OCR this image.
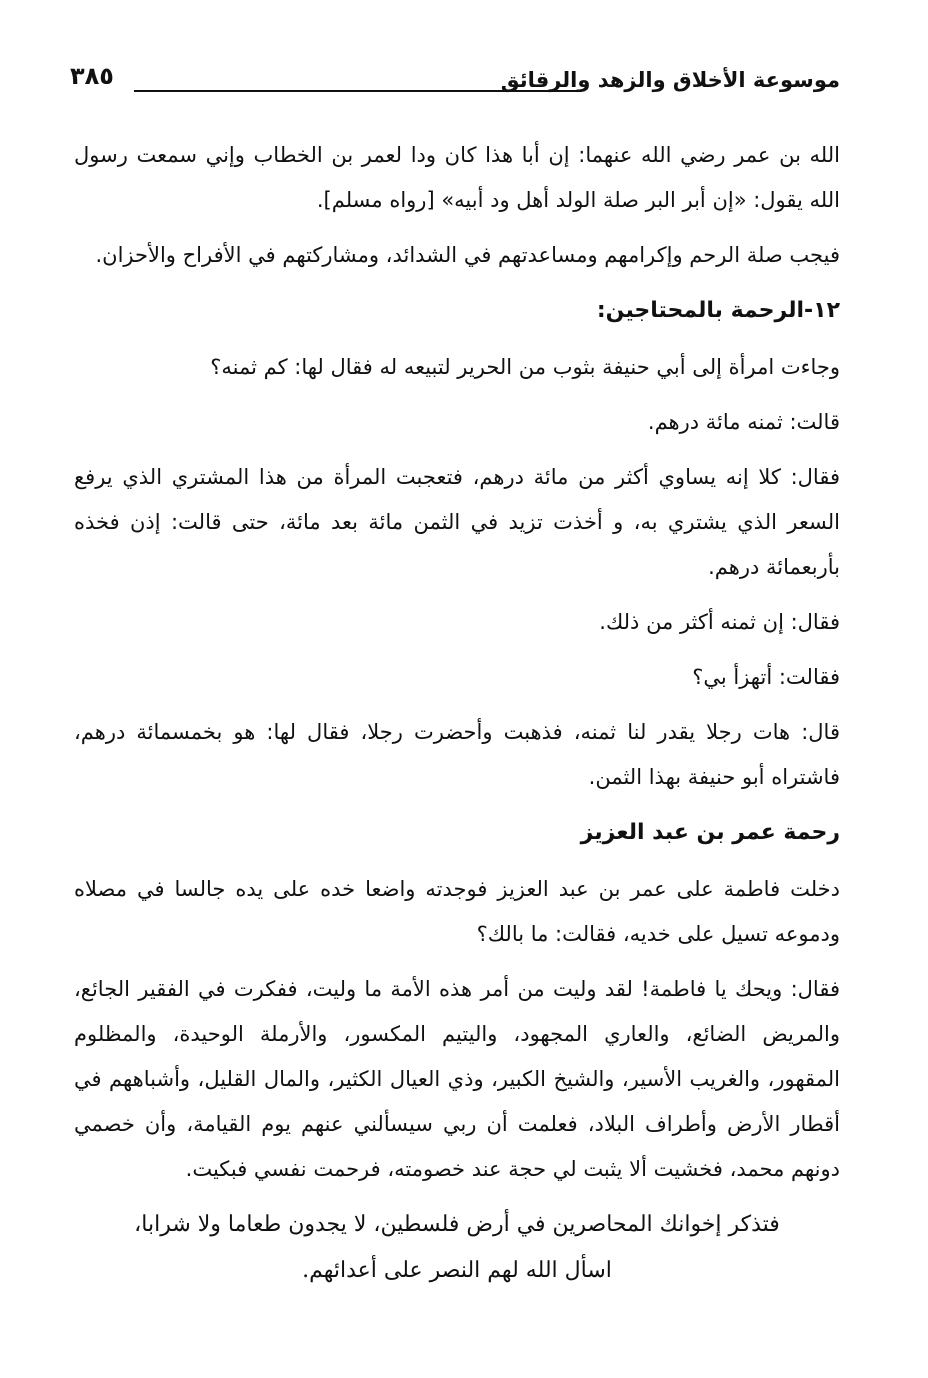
موسوعة الأخلاق والزهد والرقائق
٣٨٥

الله بن عمر رضي الله عنهما: إن أبا هذا كان ودا لعمر بن الخطاب وإني سمعت رسول الله يقول: «إن أبر البر صلة الولد أهل ود أبيه» [رواه مسلم].

فيجب صلة الرحم وإكرامهم ومساعدتهم في الشدائد، ومشاركتهم في الأفراح والأحزان.

١٢-الرحمة بالمحتاجين:

وجاءت امرأة إلى أبي حنيفة بثوب من الحرير لتبيعه له فقال لها: كم ثمنه؟

قالت: ثمنه مائة درهم.

فقال: كلا إنه يساوي أكثر من مائة درهم، فتعجبت المرأة من هذا المشتري الذي يرفع السعر الذي يشتري به، و أخذت تزيد في الثمن مائة بعد مائة، حتى قالت: إذن فخذه بأربعمائة درهم.

فقال: إن ثمنه أكثر من ذلك.

فقالت: أتهزأ بي؟

قال: هات رجلا يقدر لنا ثمنه، فذهبت وأحضرت رجلا، فقال لها: هو بخمسمائة درهم، فاشتراه أبو حنيفة بهذا الثمن.

رحمة عمر بن عبد العزيز

دخلت فاطمة على عمر بن عبد العزيز فوجدته واضعا خده على يده جالسا في مصلاه ودموعه تسيل على خديه، فقالت: ما بالك؟

فقال: ويحك يا فاطمة! لقد وليت من أمر هذه الأمة ما وليت، ففكرت في الفقير الجائع، والمريض الضائع، والعاري المجهود، واليتيم المكسور، والأرملة الوحيدة، والمظلوم المقهور، والغريب الأسير، والشيخ الكبير، وذي العيال الكثير، والمال القليل، وأشباههم في أقطار الأرض وأطراف البلاد، فعلمت أن ربي سيسألني عنهم يوم القيامة، وأن خصمي دونهم محمد، فخشيت ألا يثبت لي حجة عند خصومته، فرحمت نفسي فبكيت.

فتذكر إخوانك المحاصرين في أرض فلسطين، لا يجدون طعاما ولا شرابا،
اسأل الله لهم النصر على أعدائهم.
